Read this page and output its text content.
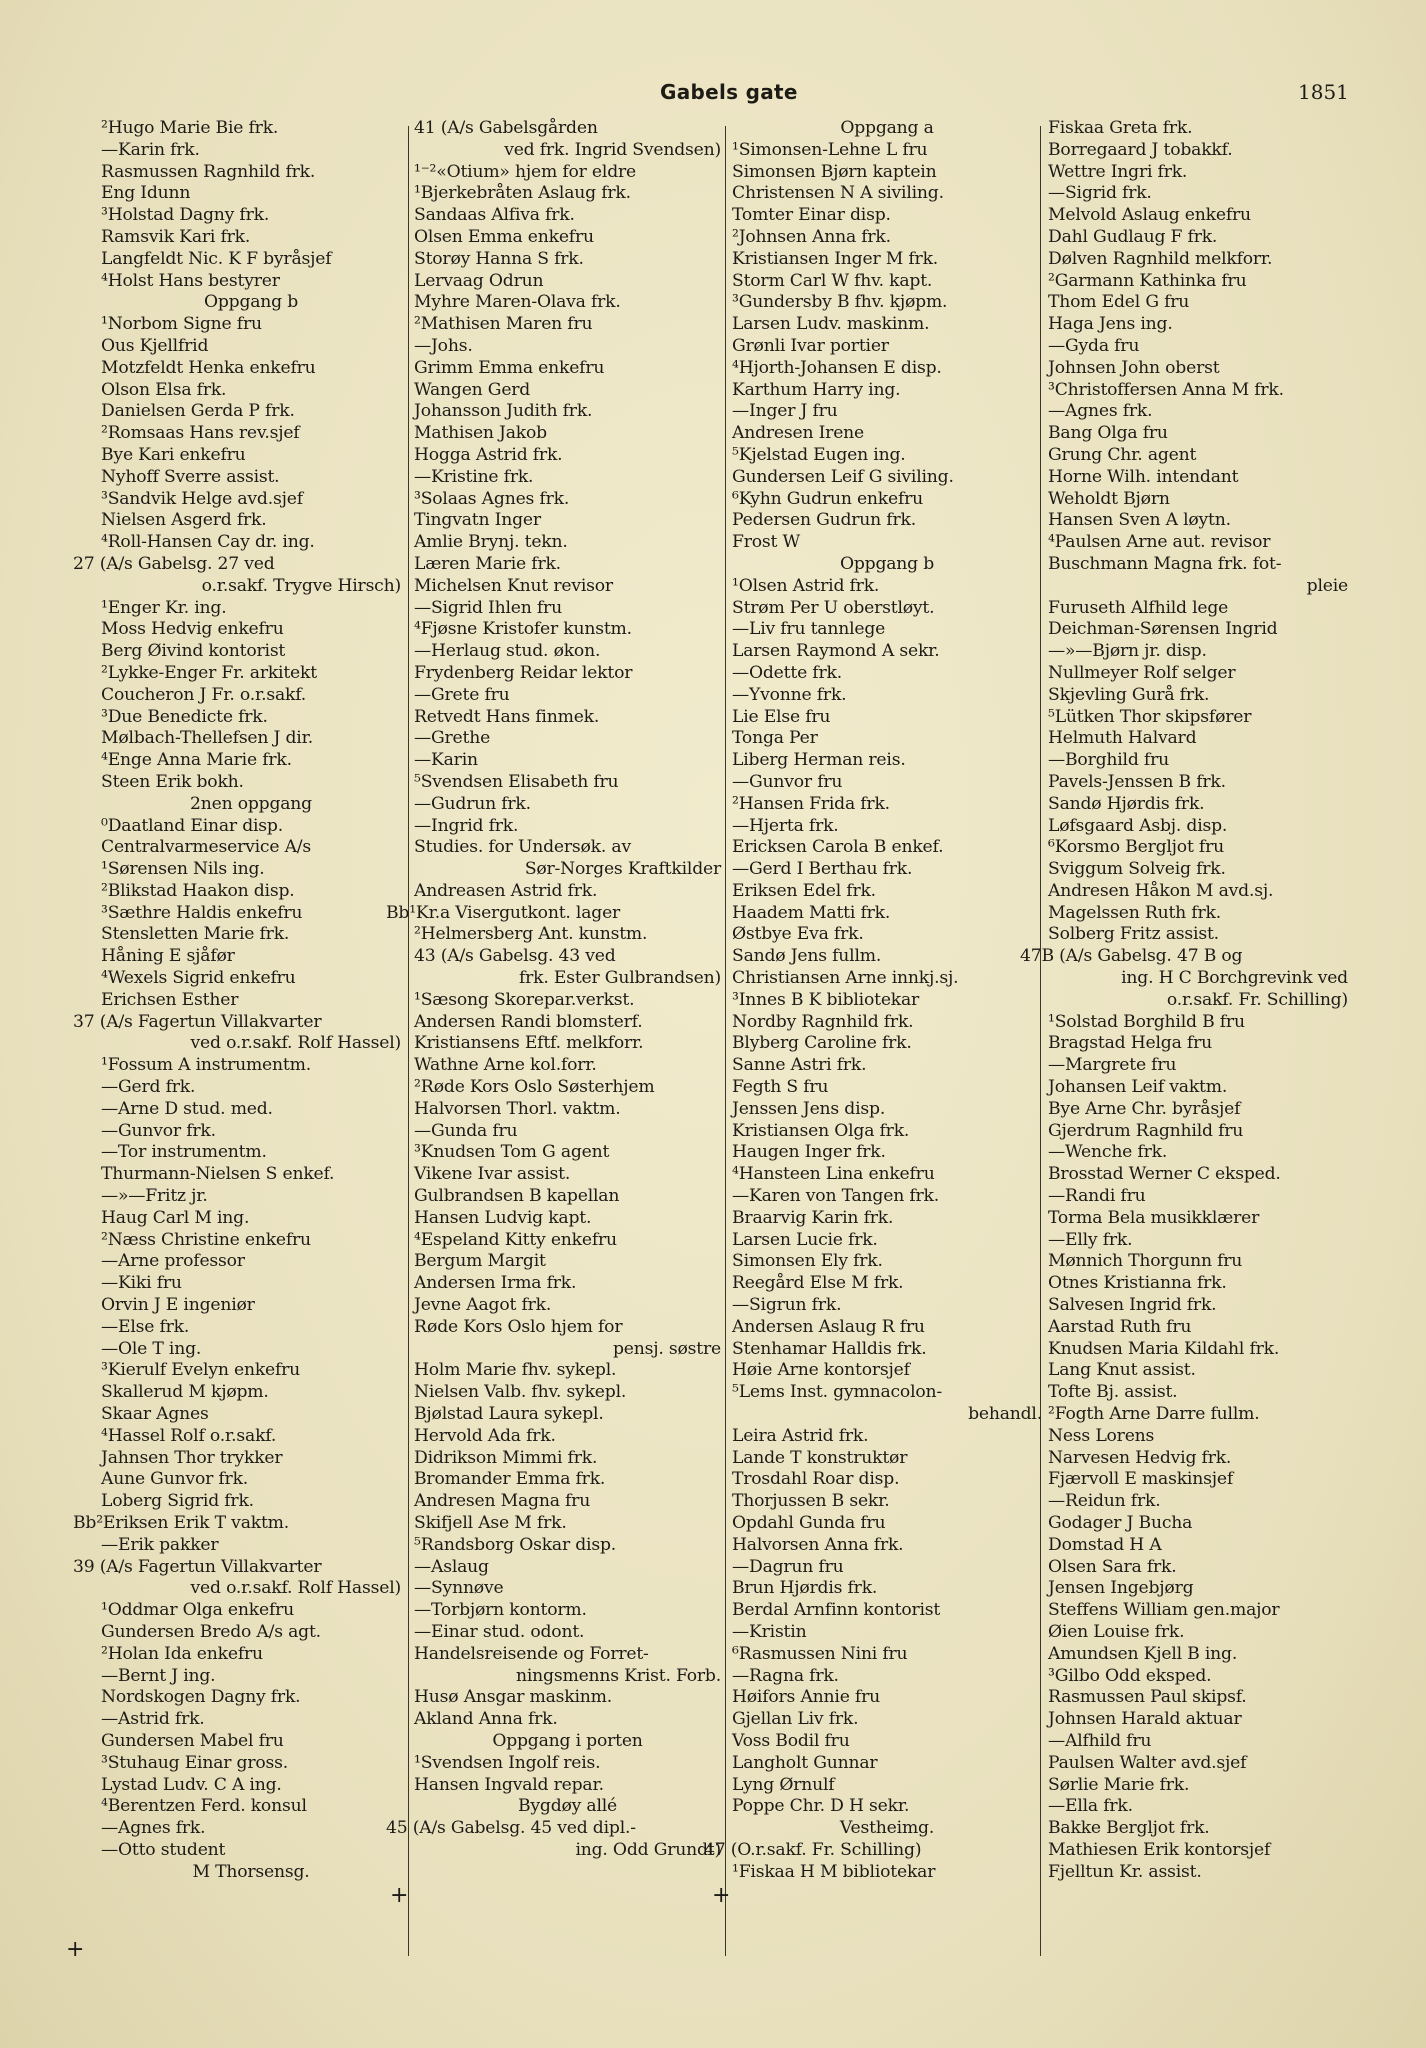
Gabels gate	1851
²Hugo Marie Bie frk.
—Karin frk.
Rasmussen Ragnhild frk.
Eng Idunn
³Holstad Dagny frk.
Ramsvik Kari frk.
Langfeldt Nic. K F byråsjef
⁴Holst Hans bestyrer
Oppgang b
¹Norbom Signe fru
Ous Kjellfrid
Motzfeldt Henka enkefru
Olson Elsa frk.
Danielsen Gerda P frk.
²Romsaas Hans rev.sjef
Bye Kari enkefru
Nyhoff Sverre assist.
³Sandvik Helge avd.sjef
Nielsen Asgerd frk.
⁴Roll-Hansen Cay dr. ing.
27 (A/s Gabelsg. 27 ved
o.r.sakf. Trygve Hirsch)
¹Enger Kr. ing.
Moss Hedvig enkefru
Berg Øivind kontorist
²Lykke-Enger Fr. arkitekt
Coucheron J Fr. o.r.sakf.
³Due Benedicte frk.
Mølbach-Thellefsen J dir.
⁴Enge Anna Marie frk.
Steen Erik bokh.
2nen oppgang
⁰Daatland Einar disp.
Centralvarmeservice A/s
¹Sørensen Nils ing.
²Blikstad Haakon disp.
³Sæthre Haldis enkefru
Stensletten Marie frk.
Håning E sjåfør
⁴Wexels Sigrid enkefru
Erichsen Esther
37 (A/s Fagertun Villakvarter
ved o.r.sakf. Rolf Hassel)
¹Fossum A instrumentm.
—Gerd frk.
—Arne D stud. med.
—Gunvor frk.
—Tor instrumentm.
Thurmann-Nielsen S enkef.
—»—Fritz jr.
Haug Carl M ing.
²Næss Christine enkefru
—Arne professor
—Kiki fru
Orvin J E ingeniør
—Else frk.
—Ole T ing.
³Kierulf Evelyn enkefru
Skallerud M kjøpm.
Skaar Agnes
⁴Hassel Rolf o.r.sakf.
Jahnsen Thor trykker
Aune Gunvor frk.
Loberg Sigrid frk.
Bb²Eriksen Erik T vaktm.
—Erik pakker
39 (A/s Fagertun Villakvarter
ved o.r.sakf. Rolf Hassel)
¹Oddmar Olga enkefru
Gundersen Bredo A/s agt.
²Holan Ida enkefru
—Bernt J ing.
Nordskogen Dagny frk.
—Astrid frk.
Gundersen Mabel fru
³Stuhaug Einar gross.
Lystad Ludv. C A ing.
⁴Berentzen Ferd. konsul
—Agnes frk.
—Otto student
M Thorsensg.
41 (A/s Gabelsgården
ved frk. Ingrid Svendsen)
¹⁻²«Otium» hjem for eldre
¹Bjerkebråten Aslaug frk.
Sandaas Alfiva frk.
Olsen Emma enkefru
Storøy Hanna S frk.
Lervaag Odrun
Myhre Maren-Olava frk.
²Mathisen Maren fru
—Johs.
Grimm Emma enkefru
Wangen Gerd
Johansson Judith frk.
Mathisen Jakob
Hogga Astrid frk.
—Kristine frk.
³Solaas Agnes frk.
Tingvatn Inger
Amlie Brynj. tekn.
Læren Marie frk.
Michelsen Knut revisor
—Sigrid Ihlen fru
⁴Fjøsne Kristofer kunstm.
—Herlaug stud. økon.
Frydenberg Reidar lektor
—Grete fru
Retvedt Hans finmek.
—Grethe
—Karin
⁵Svendsen Elisabeth fru
—Gudrun frk.
—Ingrid frk.
Studies. for Undersøk. av
Sør-Norges Kraftkilder
Andreasen Astrid frk.
Bb¹Kr.a Visergutkont. lager
²Helmersberg Ant. kunstm.
43 (A/s Gabelsg. 43 ved
frk. Ester Gulbrandsen)
¹Sæsong Skorepar.verkst.
Andersen Randi blomsterf.
Kristiansens Eftf. melkforr.
Wathne Arne kol.forr.
²Røde Kors Oslo Søsterhjem
Halvorsen Thorl. vaktm.
—Gunda fru
³Knudsen Tom G agent
Vikene Ivar assist.
Gulbrandsen B kapellan
Hansen Ludvig kapt.
⁴Espeland Kitty enkefru
Bergum Margit
Andersen Irma frk.
Jevne Aagot frk.
Røde Kors Oslo hjem for
pensj. søstre
Holm Marie fhv. sykepl.
Nielsen Valb. fhv. sykepl.
Bjølstad Laura sykepl.
Hervold Ada frk.
Didrikson Mimmi frk.
Bromander Emma frk.
Andresen Magna fru
Skifjell Ase M frk.
⁵Randsborg Oskar disp.
—Aslaug
—Synnøve
—Torbjørn kontorm.
—Einar stud. odont.
Handelsreisende og Forret-
ningsmenns Krist. Forb.
Husø Ansgar maskinm.
Akland Anna frk.
Oppgang i porten
¹Svendsen Ingolf reis.
Hansen Ingvald repar.
Bygdøy allé
45 (A/s Gabelsg. 45 ved dipl.-
ing. Odd Grundt)
Oppgang a
¹Simonsen-Lehne L fru
Simonsen Bjørn kaptein
Christensen N A siviling.
Tomter Einar disp.
²Johnsen Anna frk.
Kristiansen Inger M frk.
Storm Carl W fhv. kapt.
³Gundersby B fhv. kjøpm.
Larsen Ludv. maskinm.
Grønli Ivar portier
⁴Hjorth-Johansen E disp.
Karthum Harry ing.
—Inger J fru
Andresen Irene
⁵Kjelstad Eugen ing.
Gundersen Leif G siviling.
⁶Kyhn Gudrun enkefru
Pedersen Gudrun frk.
Frost W
Oppgang b
¹Olsen Astrid frk.
Strøm Per U oberstløyt.
—Liv fru tannlege
Larsen Raymond A sekr.
—Odette frk.
—Yvonne frk.
Lie Else fru
Tonga Per
Liberg Herman reis.
—Gunvor fru
²Hansen Frida frk.
—Hjerta frk.
Ericksen Carola B enkef.
—Gerd I Berthau frk.
Eriksen Edel frk.
Haadem Matti frk.
Østbye Eva frk.
Sandø Jens fullm.
Christiansen Arne innkj.sj.
³Innes B K bibliotekar
Nordby Ragnhild frk.
Blyberg Caroline frk.
Sanne Astri frk.
Fegth S fru
Jenssen Jens disp.
Kristiansen Olga frk.
Haugen Inger frk.
⁴Hansteen Lina enkefru
—Karen von Tangen frk.
Braarvig Karin frk.
Larsen Lucie frk.
Simonsen Ely frk.
Reegård Else M frk.
—Sigrun frk.
Andersen Aslaug R fru
Stenhamar Halldis frk.
Høie Arne kontorsjef
⁵Lems Inst. gymnacolon-
behandl.
Leira Astrid frk.
Lande T konstruktør
Trosdahl Roar disp.
Thorjussen B sekr.
Opdahl Gunda fru
Halvorsen Anna frk.
—Dagrun fru
Brun Hjørdis frk.
Berdal Arnfinn kontorist
—Kristin
⁶Rasmussen Nini fru
—Ragna frk.
Høifors Annie fru
Gjellan Liv frk.
Voss Bodil fru
Langholt Gunnar
Lyng Ørnulf
Poppe Chr. D H sekr.
Vestheimg.
47 (O.r.sakf. Fr. Schilling)
¹Fiskaa H M bibliotekar
Fiskaa Greta frk.
Borregaard J tobakkf.
Wettre Ingri frk.
—Sigrid frk.
Melvold Aslaug enkefru
Dahl Gudlaug F frk.
Dølven Ragnhild melkforr.
²Garmann Kathinka fru
Thom Edel G fru
Haga Jens ing.
—Gyda fru
Johnsen John oberst
³Christoffersen Anna M frk.
—Agnes frk.
Bang Olga fru
Grung Chr. agent
Horne Wilh. intendant
Weholdt Bjørn
Hansen Sven A løytn.
⁴Paulsen Arne aut. revisor
Buschmann Magna frk. fot-
pleie
Furuseth Alfhild lege
Deichman-Sørensen Ingrid
—»—Bjørn jr. disp.
Nullmeyer Rolf selger
Skjevling Gurå frk.
⁵Lütken Thor skipsfører
Helmuth Halvard
—Borghild fru
Pavels-Jenssen B frk.
Sandø Hjørdis frk.
Løfsgaard Asbj. disp.
⁶Korsmo Bergljot fru
Sviggum Solveig frk.
Andresen Håkon M avd.sj.
Magelssen Ruth frk.
Solberg Fritz assist.
47B (A/s Gabelsg. 47 B og
ing. H C Borchgrevink ved
o.r.sakf. Fr. Schilling)
¹Solstad Borghild B fru
Bragstad Helga fru
—Margrete fru
Johansen Leif vaktm.
Bye Arne Chr. byråsjef
Gjerdrum Ragnhild fru
—Wenche frk.
Brosstad Werner C eksped.
—Randi fru
Torma Bela musikklærer
—Elly frk.
Mønnich Thorgunn fru
Otnes Kristianna frk.
Salvesen Ingrid frk.
Aarstad Ruth fru
Knudsen Maria Kildahl frk.
Lang Knut assist.
Tofte Bj. assist.
²Fogth Arne Darre fullm.
Ness Lorens
Narvesen Hedvig frk.
Fjærvoll E maskinsjef
—Reidun frk.
Godager J Bucha
Domstad H A
Olsen Sara frk.
Jensen Ingebjørg
Steffens William gen.major
Øien Louise frk.
Amundsen Kjell B ing.
³Gilbo Odd eksped.
Rasmussen Paul skipsf.
Johnsen Harald aktuar
—Alfhild fru
Paulsen Walter avd.sjef
Sørlie Marie frk.
—Ella frk.
Bakke Bergljot frk.
Mathiesen Erik kontorsjef
Fjelltun Kr. assist.
+
+	+
